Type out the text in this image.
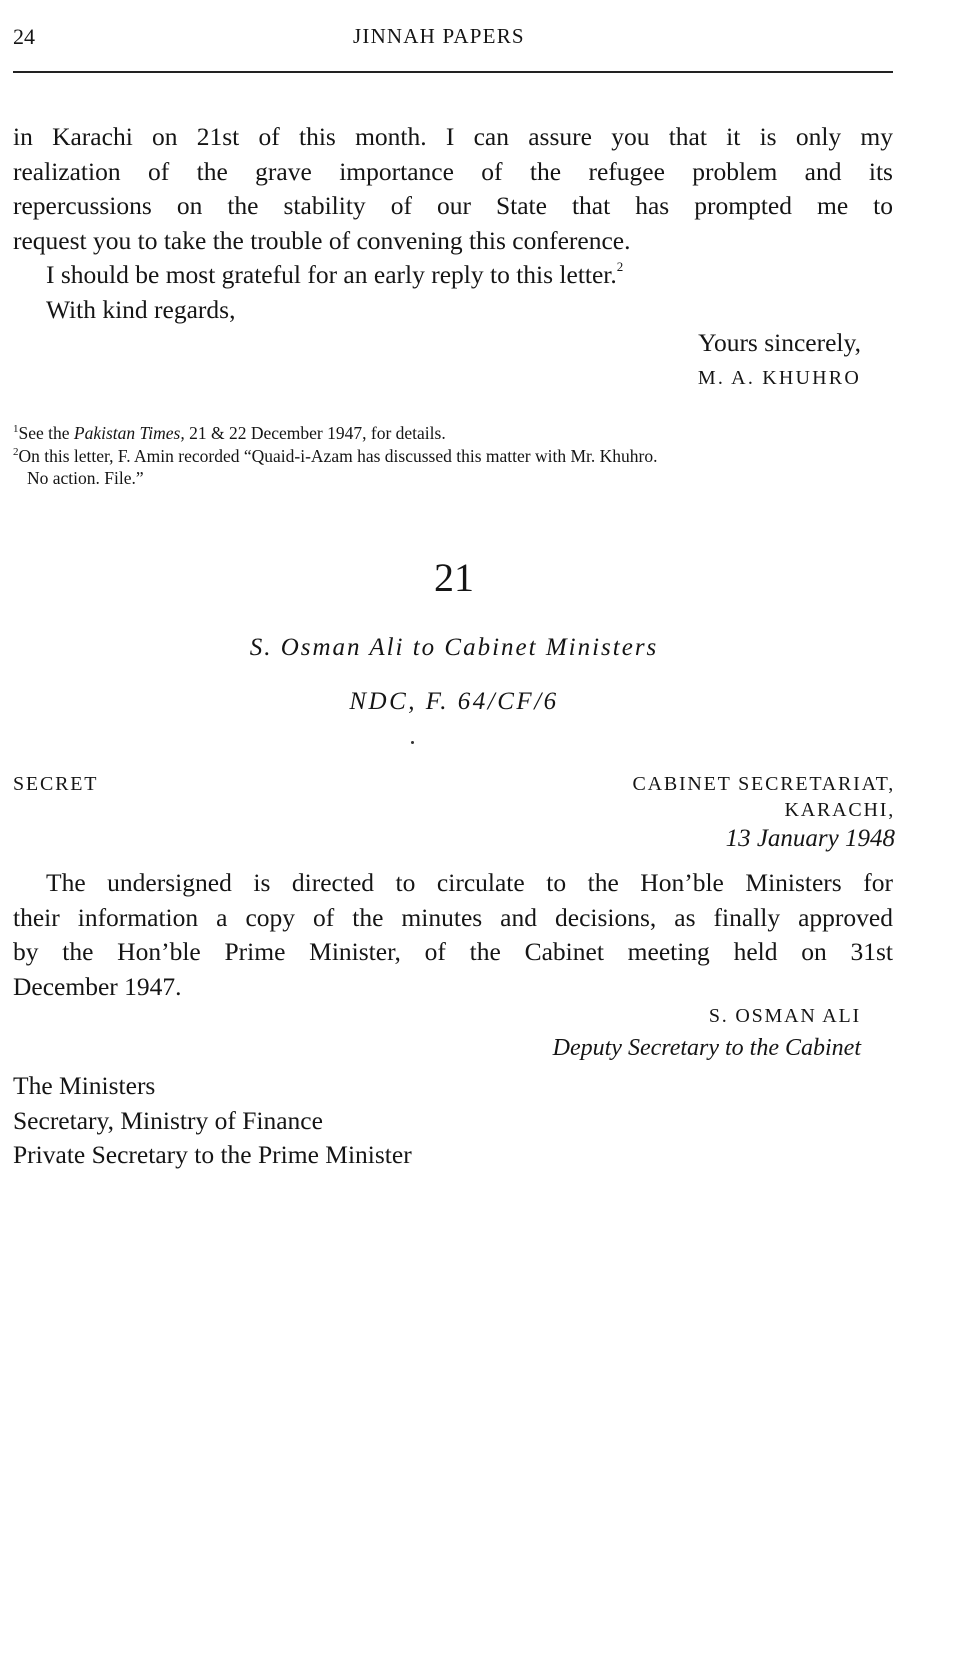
24	JINNAH PAPERS
in Karachi on 21st of this month. I can assure you that it is only my
realization of the grave importance of the refugee problem and its
repercussions on the stability of our State that has prompted me to
request you to take the trouble of convening this conference.
I should be most grateful for an early reply to this letter.$^2$
With kind regards,
Yours sincerely,
M. A. KHUHRO
$^1$See the Pakistan Times, 21 & 22 December 1947, for details.
$^2$On this letter, F. Amin recorded “Quaid-i-Azam has discussed this matter with Mr. Khuhro.
No action. File.”
21
S. Osman Ali to Cabinet Ministers
NDC, F. 64/CF/6
SECRET	CABINET SECRETARIAT,
KARACHI,
13 January 1948
The undersigned is directed to circulate to the Hon’ble Ministers for
their information a copy of the minutes and decisions, as finally approved
by the Hon’ble Prime Minister, of the Cabinet meeting held on 31st
December 1947.
S. OSMAN ALI
Deputy Secretary to the Cabinet
The Ministers
Secretary, Ministry of Finance
Private Secretary to the Prime Minister
